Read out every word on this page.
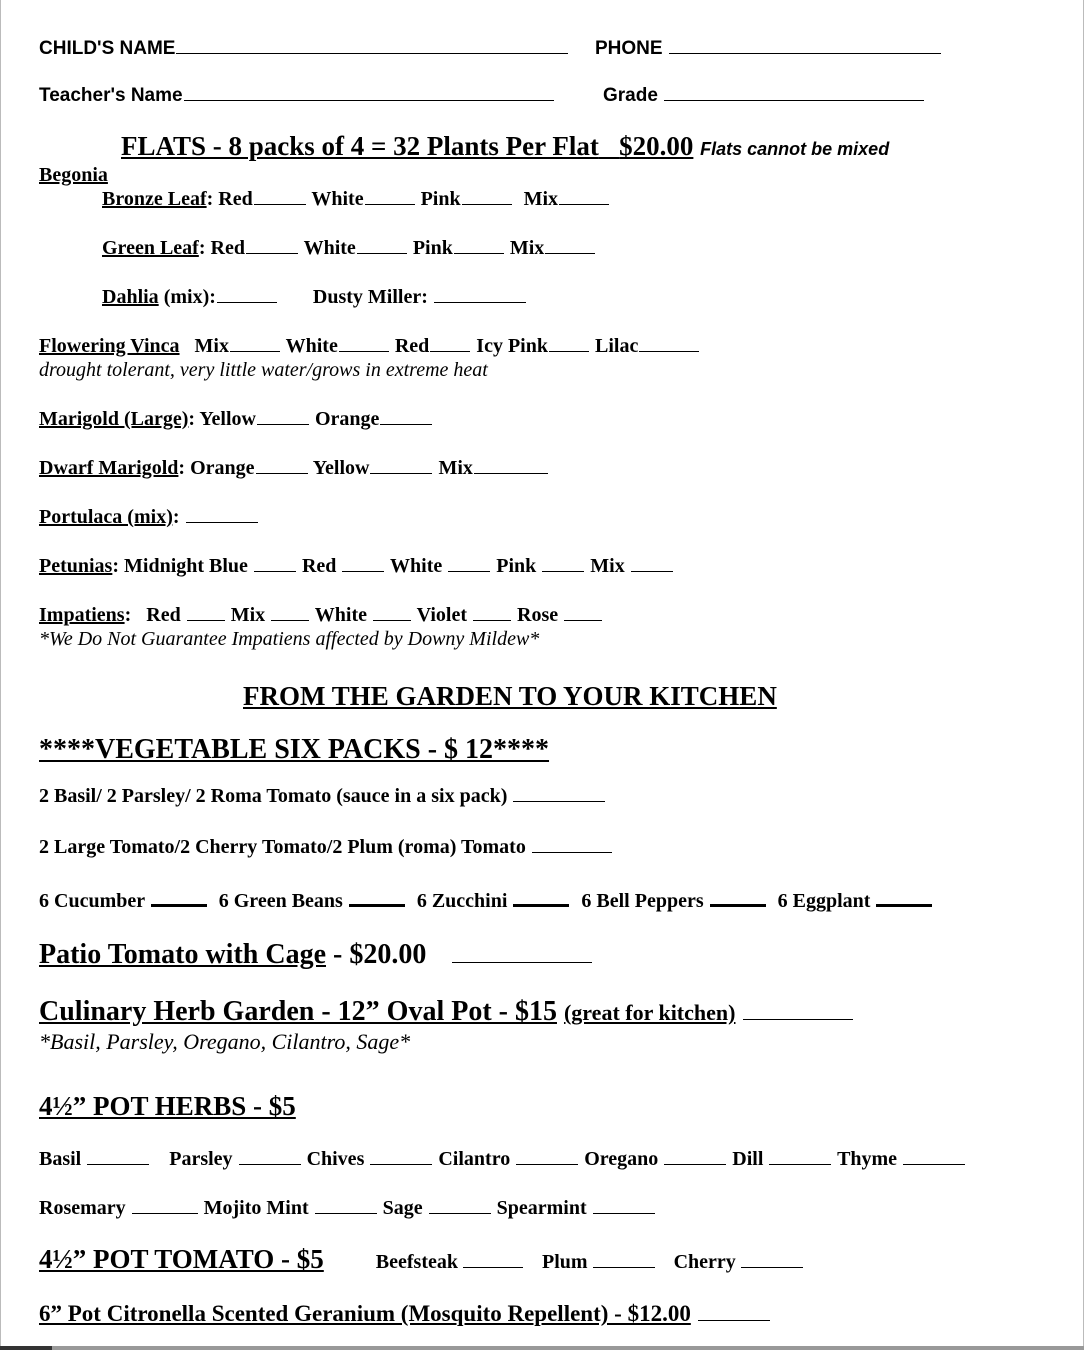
CHILD'S NAME	PHONE
Teacher's Name	Grade
FLATS - 8 packs of 4 = 32 Plants Per Flat $20.00 Flats cannot be mixed
Begonia
Bronze Leaf: Red	White	Pink	Mix
Green Leaf: Red	White	Pink	Mix
Dahlia (mix):	Dusty Miller:
Flowering Vinca Mix	White	Red Icy Pink Lilac
drought tolerant, very little water/grows in extreme heat
Marigold (Large): Yellow	Orange
Dwarf Marigold: Orange	Yellow	Mix
Portulaca (mix):
Petunias: Midnight Blue	Red	White	Pink	Mix
Impatiens:   Red	Mix White Violet	Rose
*We Do Not Guarantee Impatiens affected by Downy Mildew*
FROM THE GARDEN TO YOUR KITCHEN
****VEGETABLE SIX PACKS - $ 12****
2 Basil/ 2 Parsley/ 2 Roma Tomato (sauce in a six pack)
2 Large Tomato/2 Cherry Tomato/2 Plum (roma) Tomato
6 Cucumber	6 Green Beans	6 Zucchini	6 Bell Peppers	6 Eggplant
Patio Tomato with Cage - $20.00
Culinary Herb Garden - 12” Oval Pot - $15 (great for kitchen)
*Basil, Parsley, Oregano, Cilantro, Sage*
4½” POT HERBS - $5
Basil	Parsley	Chives	Cilantro	Oregano	Dill	Thyme
Rosemary	Mojito Mint	Sage	Spearmint
4½” POT TOMATO - $5	Beefsteak	Plum	Cherry
6” Pot Citronella Scented Geranium (Mosquito Repellent) - $12.00
